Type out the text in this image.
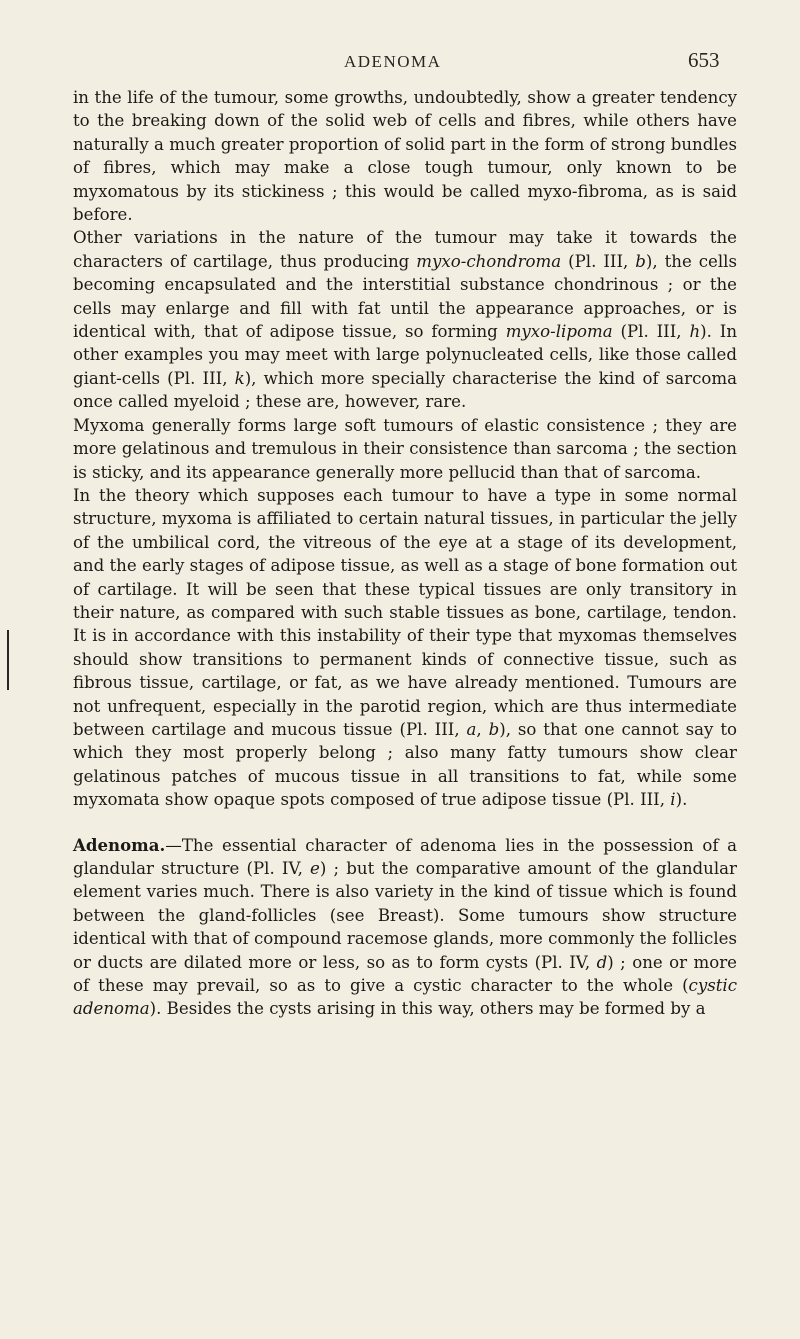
ADENOMA	653

in the life of the tumour, some growths, undoubtedly, show a greater tendency to the breaking down of the solid web of cells and fibres, while others have naturally a much greater proportion of solid part in the form of strong bundles of fibres, which may make a close tough tumour, only known to be myxomatous by its stickiness ; this would be called myxo-fibroma, as is said before.

Other variations in the nature of the tumour may take it towards the characters of cartilage, thus producing myxo-chondroma (Pl. III, b), the cells becoming encapsulated and the interstitial substance chondrinous ; or the cells may enlarge and fill with fat until the appearance approaches, or is identical with, that of adipose tissue, so forming myxo-lipoma (Pl. III, h). In other examples you may meet with large polynucleated cells, like those called giant-cells (Pl. III, k), which more specially characterise the kind of sarcoma once called myeloid ; these are, however, rare.

Myxoma generally forms large soft tumours of elastic consistence ; they are more gelatinous and tremulous in their consistence than sarcoma ; the section is sticky, and its appearance generally more pellucid than that of sarcoma.

In the theory which supposes each tumour to have a type in some normal structure, myxoma is affiliated to certain natural tissues, in particular the jelly of the umbilical cord, the vitreous of the eye at a stage of its development, and the early stages of adipose tissue, as well as a stage of bone formation out of cartilage. It will be seen that these typical tissues are only transitory in their nature, as compared with such stable tissues as bone, cartilage, tendon. It is in accordance with this instability of their type that myxomas themselves should show transitions to permanent kinds of connective tissue, such as fibrous tissue, cartilage, or fat, as we have already mentioned. Tumours are not unfrequent, especially in the parotid region, which are thus intermediate between cartilage and mucous tissue (Pl. III, a, b), so that one cannot say to which they most properly belong ; also many fatty tumours show clear gelatinous patches of mucous tissue in all transitions to fat, while some myxomata show opaque spots composed of true adipose tissue (Pl. III, i).

Adenoma.—The essential character of adenoma lies in the possession of a glandular structure (Pl. IV, e) ; but the comparative amount of the glandular element varies much. There is also variety in the kind of tissue which is found between the gland-follicles (see Breast). Some tumours show structure identical with that of compound racemose glands, more commonly the follicles or ducts are dilated more or less, so as to form cysts (Pl. IV, d) ; one or more of these may prevail, so as to give a cystic character to the whole (cystic adenoma). Besides the cysts arising in this way, others may be formed by a
